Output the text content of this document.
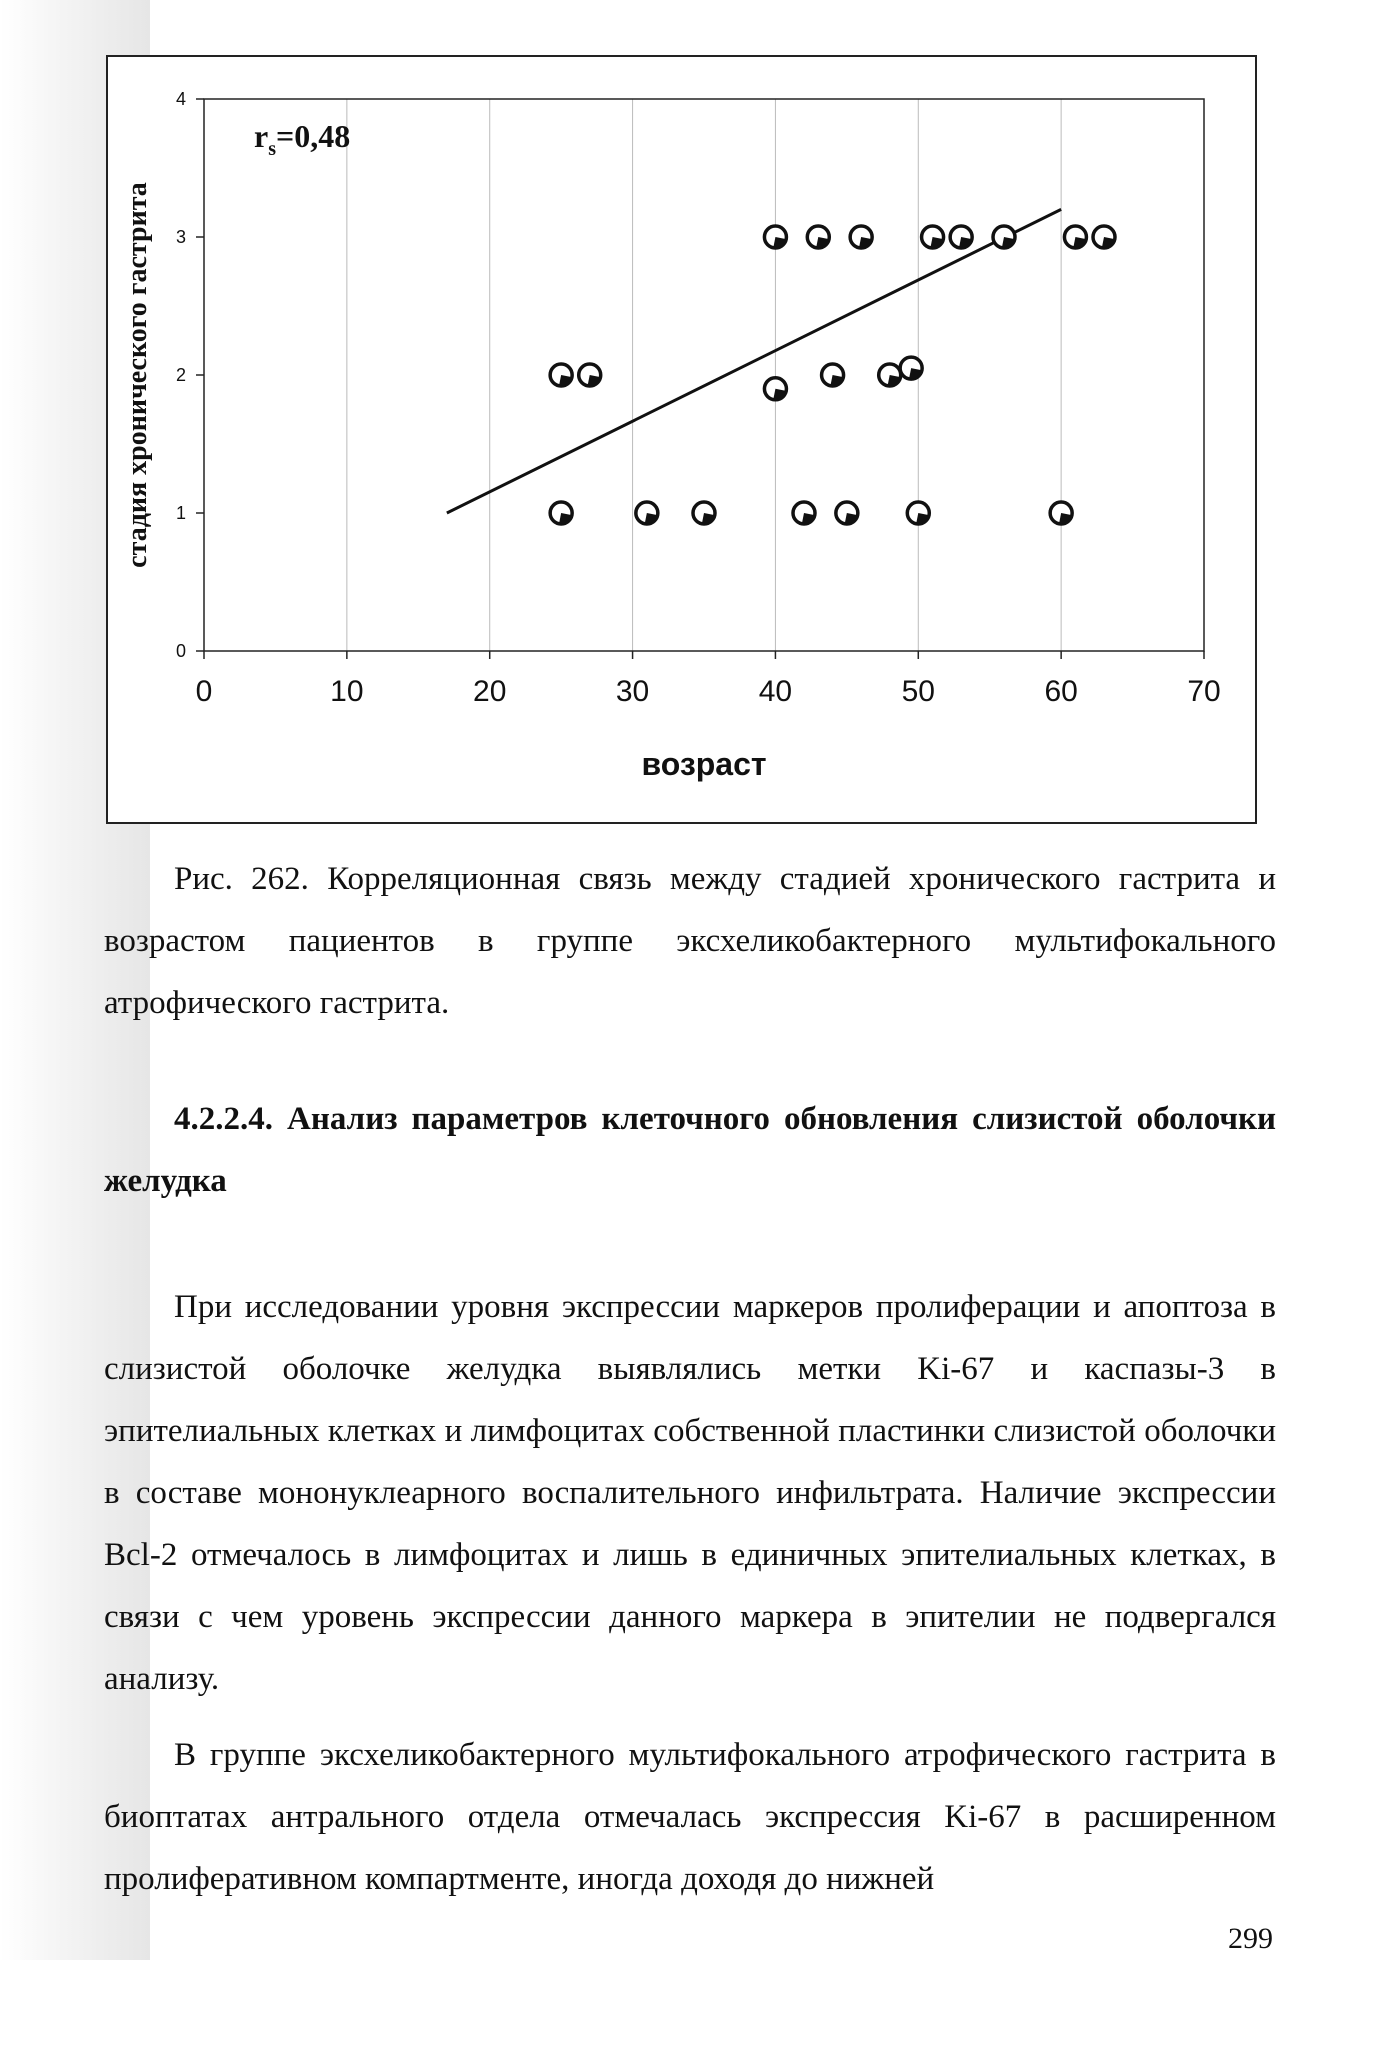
0	10	20	30	40	50	60	70
0
1
2
3
4
стадия хронического гастрита
возраст
$r_s=0,48$
Рис. 262. Корреляционная связь между стадией хронического гастрита и возрастом пациентов в группе эксхеликобактерного мультифокального атрофического гастрита.
4.2.2.4. Анализ параметров клеточного обновления слизистой оболочки желудка
При исследовании уровня экспрессии маркеров пролиферации и апоптоза в слизистой оболочке желудка выявлялись метки Ki-67 и каспазы-3 в эпителиальных клетках и лимфоцитах собственной пластинки слизистой оболочки в составе мононуклеарного воспалительного инфильтрата. Наличие экспрессии Bcl-2 отмечалось в лимфоцитах и лишь в единичных эпителиальных клетках, в связи с чем уровень экспрессии данного маркера в эпителии не подвергался анализу.
В группе эксхеликобактерного мультифокального атрофического гастрита в биоптатах антрального отдела отмечалась экспрессия Ki-67 в расширенном пролиферативном компартменте, иногда доходя до нижней
299
